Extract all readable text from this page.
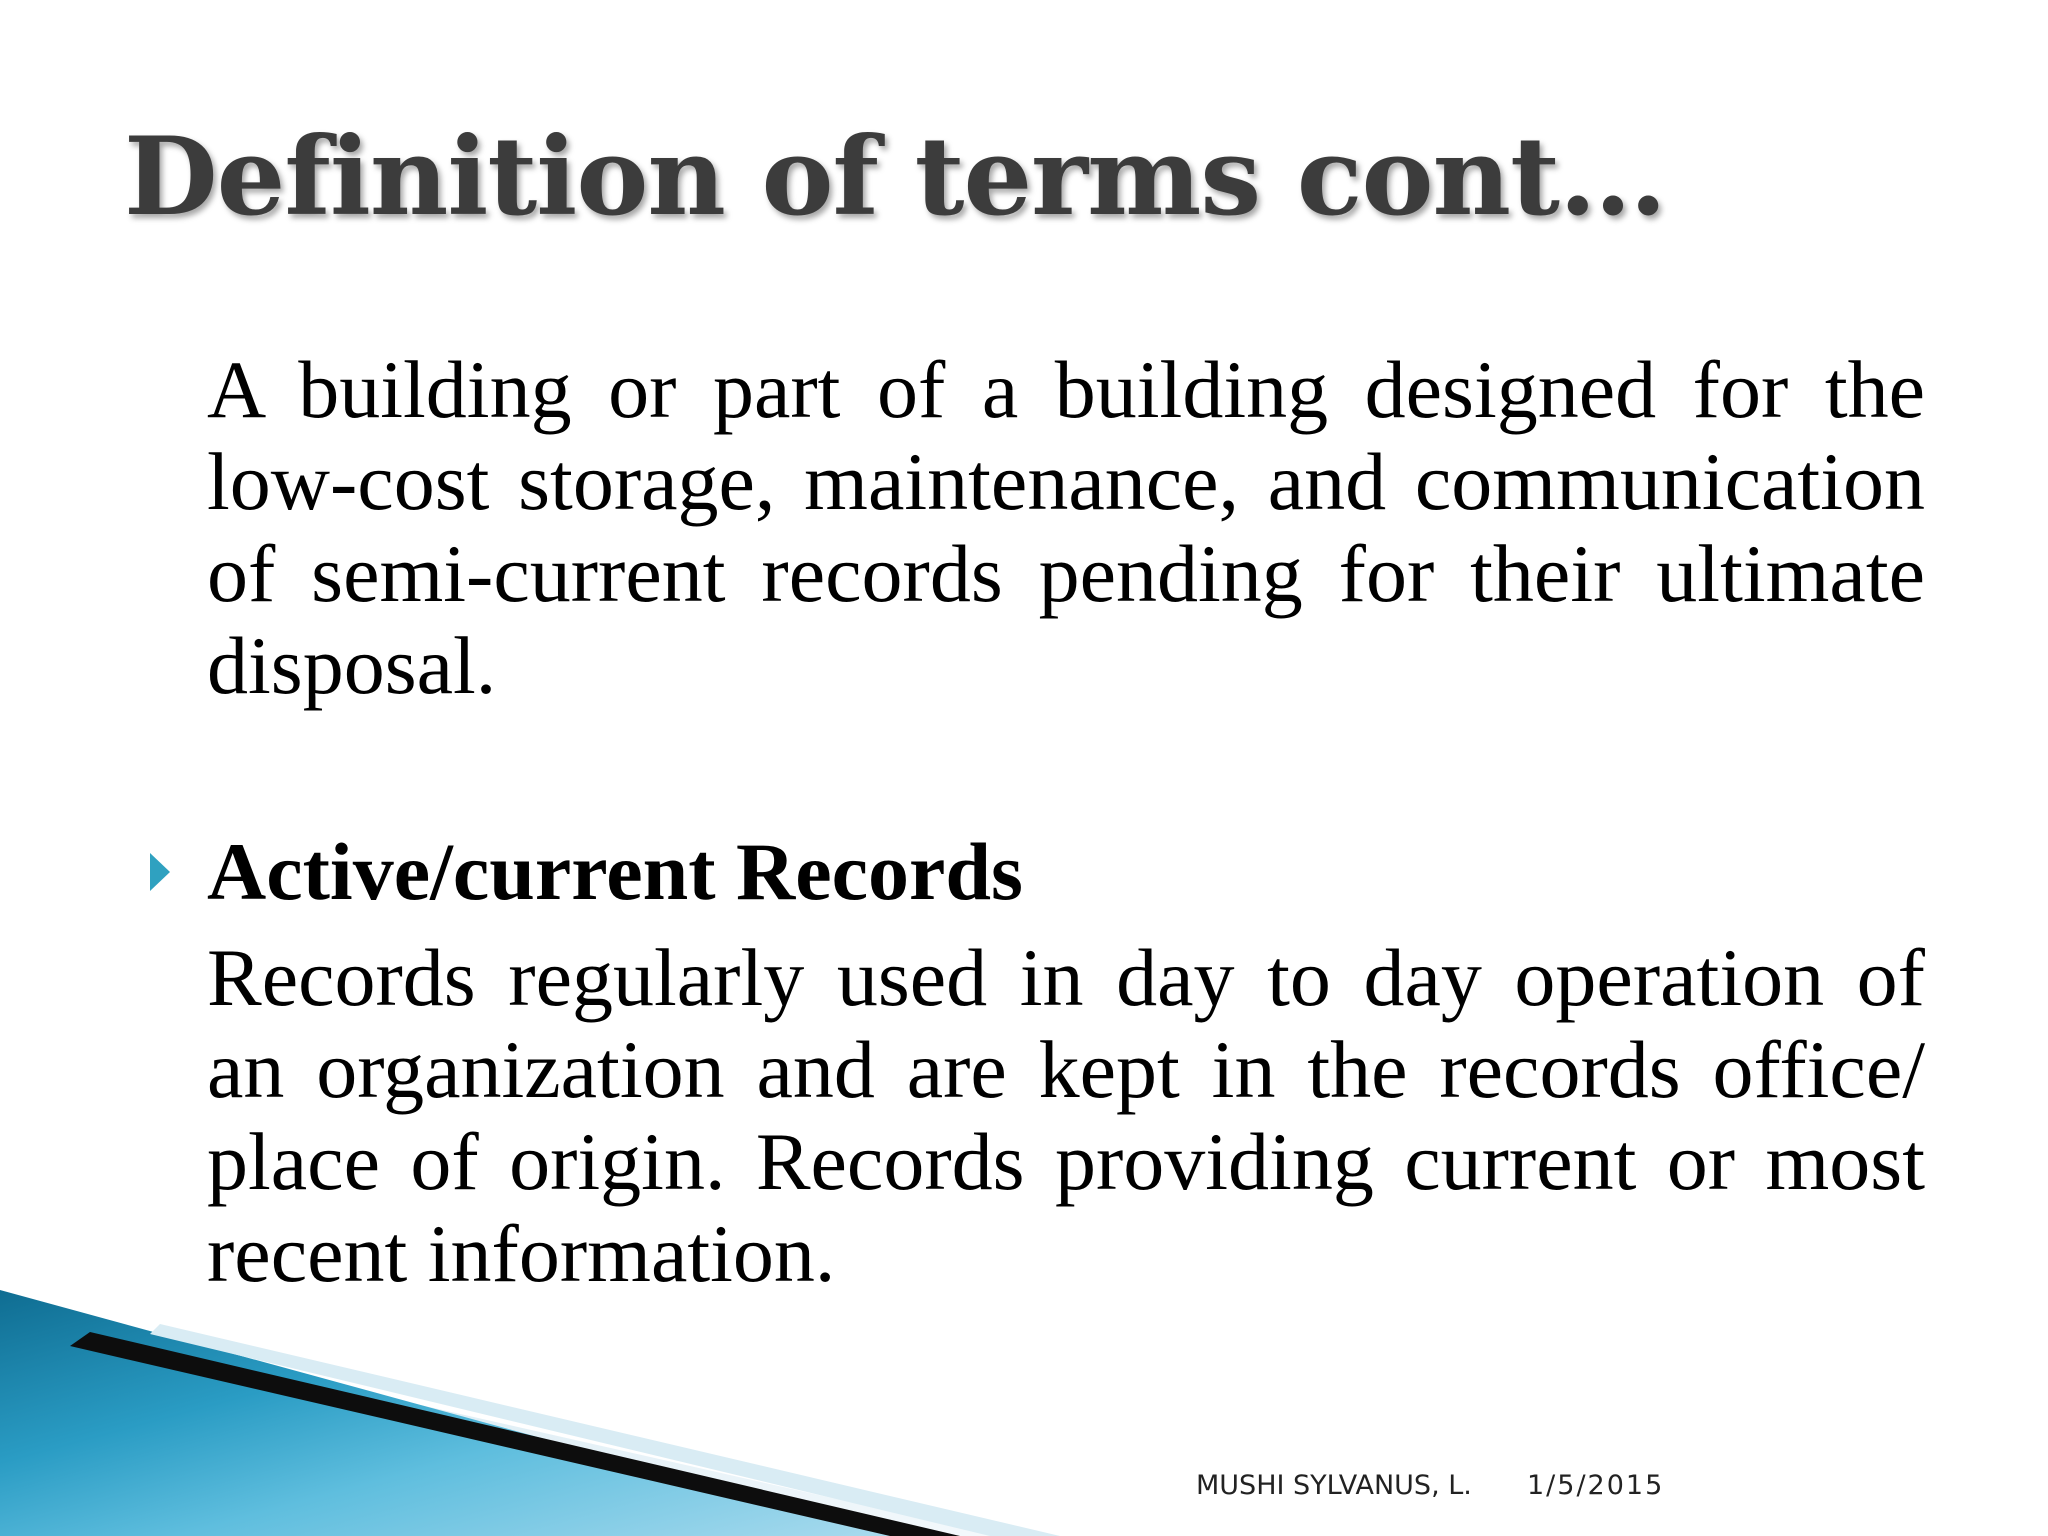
Definition of terms cont…

A building or part of a building designed for the low-cost storage, maintenance, and communication of semi-current records pending for their ultimate disposal.

Active/current Records

Records regularly used in day to day operation of an organization and are kept in the records office/ place of origin. Records providing current or most recent information.

MUSHI SYLVANUS, L. 1/5/2015
